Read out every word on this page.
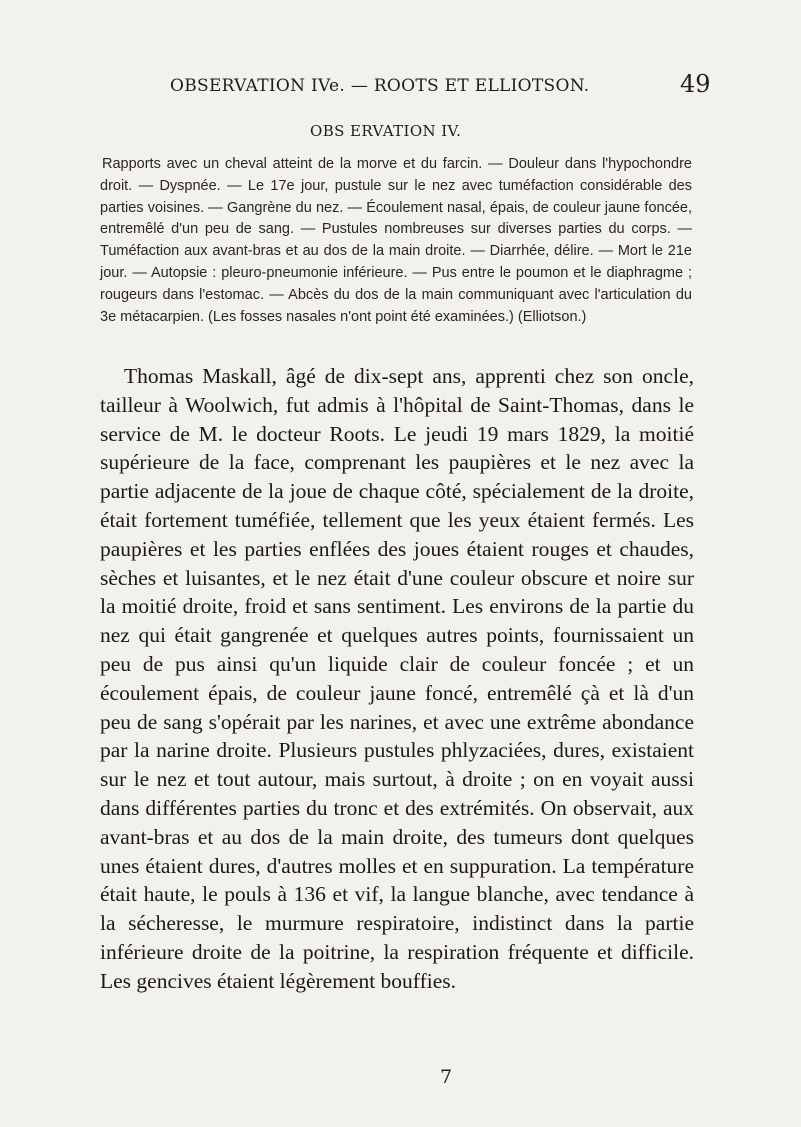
OBSERVATION IVe. — ROOTS ET ELLIOTSON.	49
OBS ERVATION IV.

Rapports avec un cheval atteint de la morve et du farcin. — Douleur dans l'hypochondre droit. — Dyspnée. — Le 17e jour, pustule sur le nez avec tuméfaction considérable des parties voisines. — Gangrène du nez. — Écoulement nasal, épais, de couleur jaune foncée, entremêlé d'un peu de sang. — Pustules nombreuses sur diverses parties du corps. — Tuméfaction aux avant-bras et au dos de la main droite. — Diarrhée, délire. — Mort le 21e jour. — Autopsie : pleuro-pneumonie inférieure. — Pus entre le poumon et le diaphragme ; rougeurs dans l'estomac. — Abcès du dos de la main communiquant avec l'articulation du 3e métacarpien. (Les fosses nasales n'ont point été examinées.) (Elliotson.)

Thomas Maskall, âgé de dix-sept ans, apprenti chez son oncle, tailleur à Woolwich, fut admis à l'hôpital de Saint-Thomas, dans le service de M. le docteur Roots. Le jeudi 19 mars 1829, la moitié supérieure de la face, comprenant les paupières et le nez avec la partie adjacente de la joue de chaque côté, spécialement de la droite, était fortement tuméfiée, tellement que les yeux étaient fermés. Les paupières et les parties enflées des joues étaient rouges et chaudes, sèches et luisantes, et le nez était d'une couleur obscure et noire sur la moitié droite, froid et sans sentiment. Les environs de la partie du nez qui était gangrenée et quelques autres points, fournissaient un peu de pus ainsi qu'un liquide clair de couleur foncée ; et un écoulement épais, de couleur jaune foncé, entremêlé çà et là d'un peu de sang s'opérait par les narines, et avec une extrême abondance par la narine droite. Plusieurs pustules phlyzaciées, dures, existaient sur le nez et tout autour, mais surtout, à droite ; on en voyait aussi dans différentes parties du tronc et des extrémités. On observait, aux avant-bras et au dos de la main droite, des tumeurs dont quelques unes étaient dures, d'autres molles et en suppuration. La température était haute, le pouls à 136 et vif, la langue blanche, avec tendance à la sécheresse, le murmure respiratoire, indistinct dans la partie inférieure droite de la poitrine, la respiration fréquente et difficile. Les gencives étaient légèrement bouffies.

7
